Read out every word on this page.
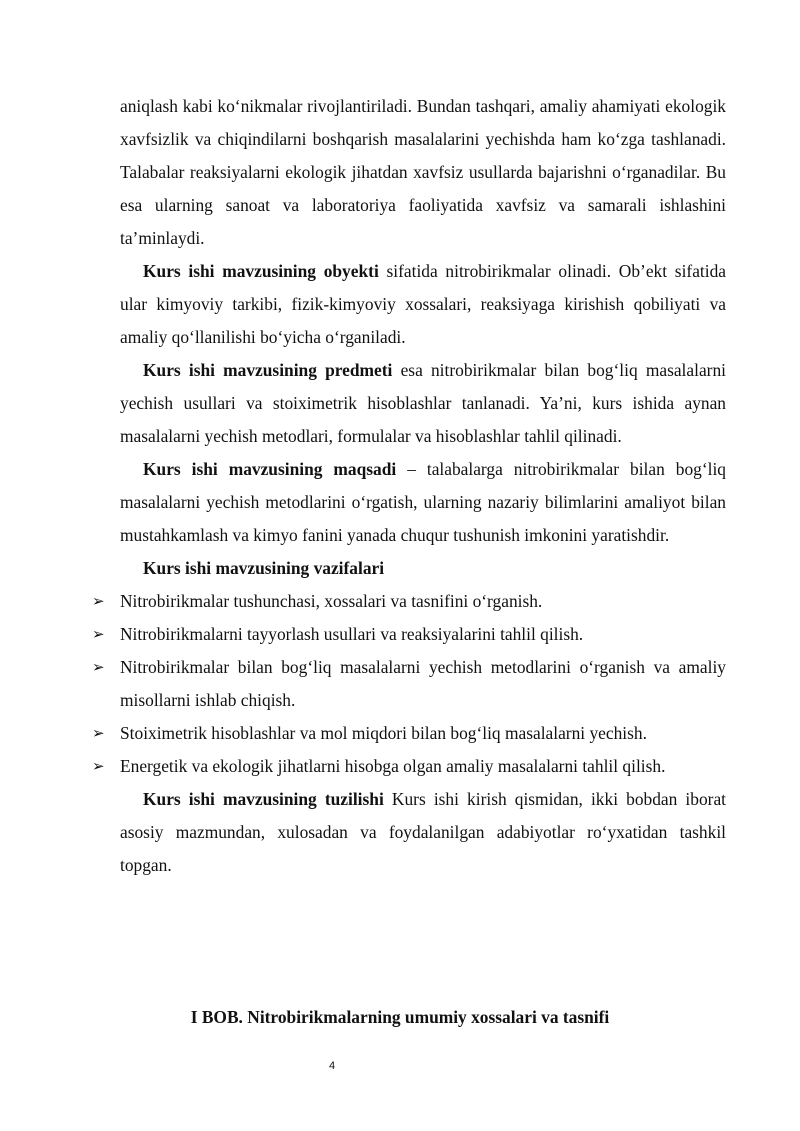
aniqlash kabi ko‘nikmalar rivojlantiriladi. Bundan tashqari, amaliy ahamiyati ekologik xavfsizlik va chiqindilarni boshqarish masalalarini yechishda ham ko‘zga tashlanadi. Talabalar reaksiyalarni ekologik jihatdan xavfsiz usullarda bajarishni o‘rganadilar. Bu esa ularning sanoat va laboratoriya faoliyatida xavfsiz va samarali ishlashini ta’minlaydi.

Kurs ishi mavzusining obyekti sifatida nitrobirikmalar olinadi. Ob’ekt sifatida ular kimyoviy tarkibi, fizik-kimyoviy xossalari, reaksiyaga kirishish qobiliyati va amaliy qo‘llanilishi bo‘yicha o‘rganiladi.

Kurs ishi mavzusining predmeti esa nitrobirikmalar bilan bog‘liq masalalarni yechish usullari va stoiximetrik hisoblashlar tanlanadi. Ya’ni, kurs ishida aynan masalalarni yechish metodlari, formulalar va hisoblashlar tahlil qilinadi.

Kurs ishi mavzusining maqsadi – talabalarga nitrobirikmalar bilan bog‘liq masalalarni yechish metodlarini o‘rgatish, ularning nazariy bilimlarini amaliyot bilan mustahkamlash va kimyo fanini yanada chuqur tushunish imkonini yaratishdir.

Kurs ishi mavzusining vazifalari

➢ Nitrobirikmalar tushunchasi, xossalari va tasnifini o‘rganish.
➢ Nitrobirikmalarni tayyorlash usullari va reaksiyalarini tahlil qilish.
➢ Nitrobirikmalar bilan bog‘liq masalalarni yechish metodlarini o‘rganish va amaliy misollarni ishlab chiqish.
➢ Stoiximetrik hisoblashlar va mol miqdori bilan bog‘liq masalalarni yechish.
➢ Energetik va ekologik jihatlarni hisobga olgan amaliy masalalarni tahlil qilish.

Kurs ishi mavzusining tuzilishi Kurs ishi kirish qismidan, ikki bobdan iborat asosiy mazmundan, xulosadan va foydalanilgan adabiyotlar ro‘yxatidan tashkil topgan.

I BOB. Nitrobirikmalarning umumiy xossalari va tasnifi
4
